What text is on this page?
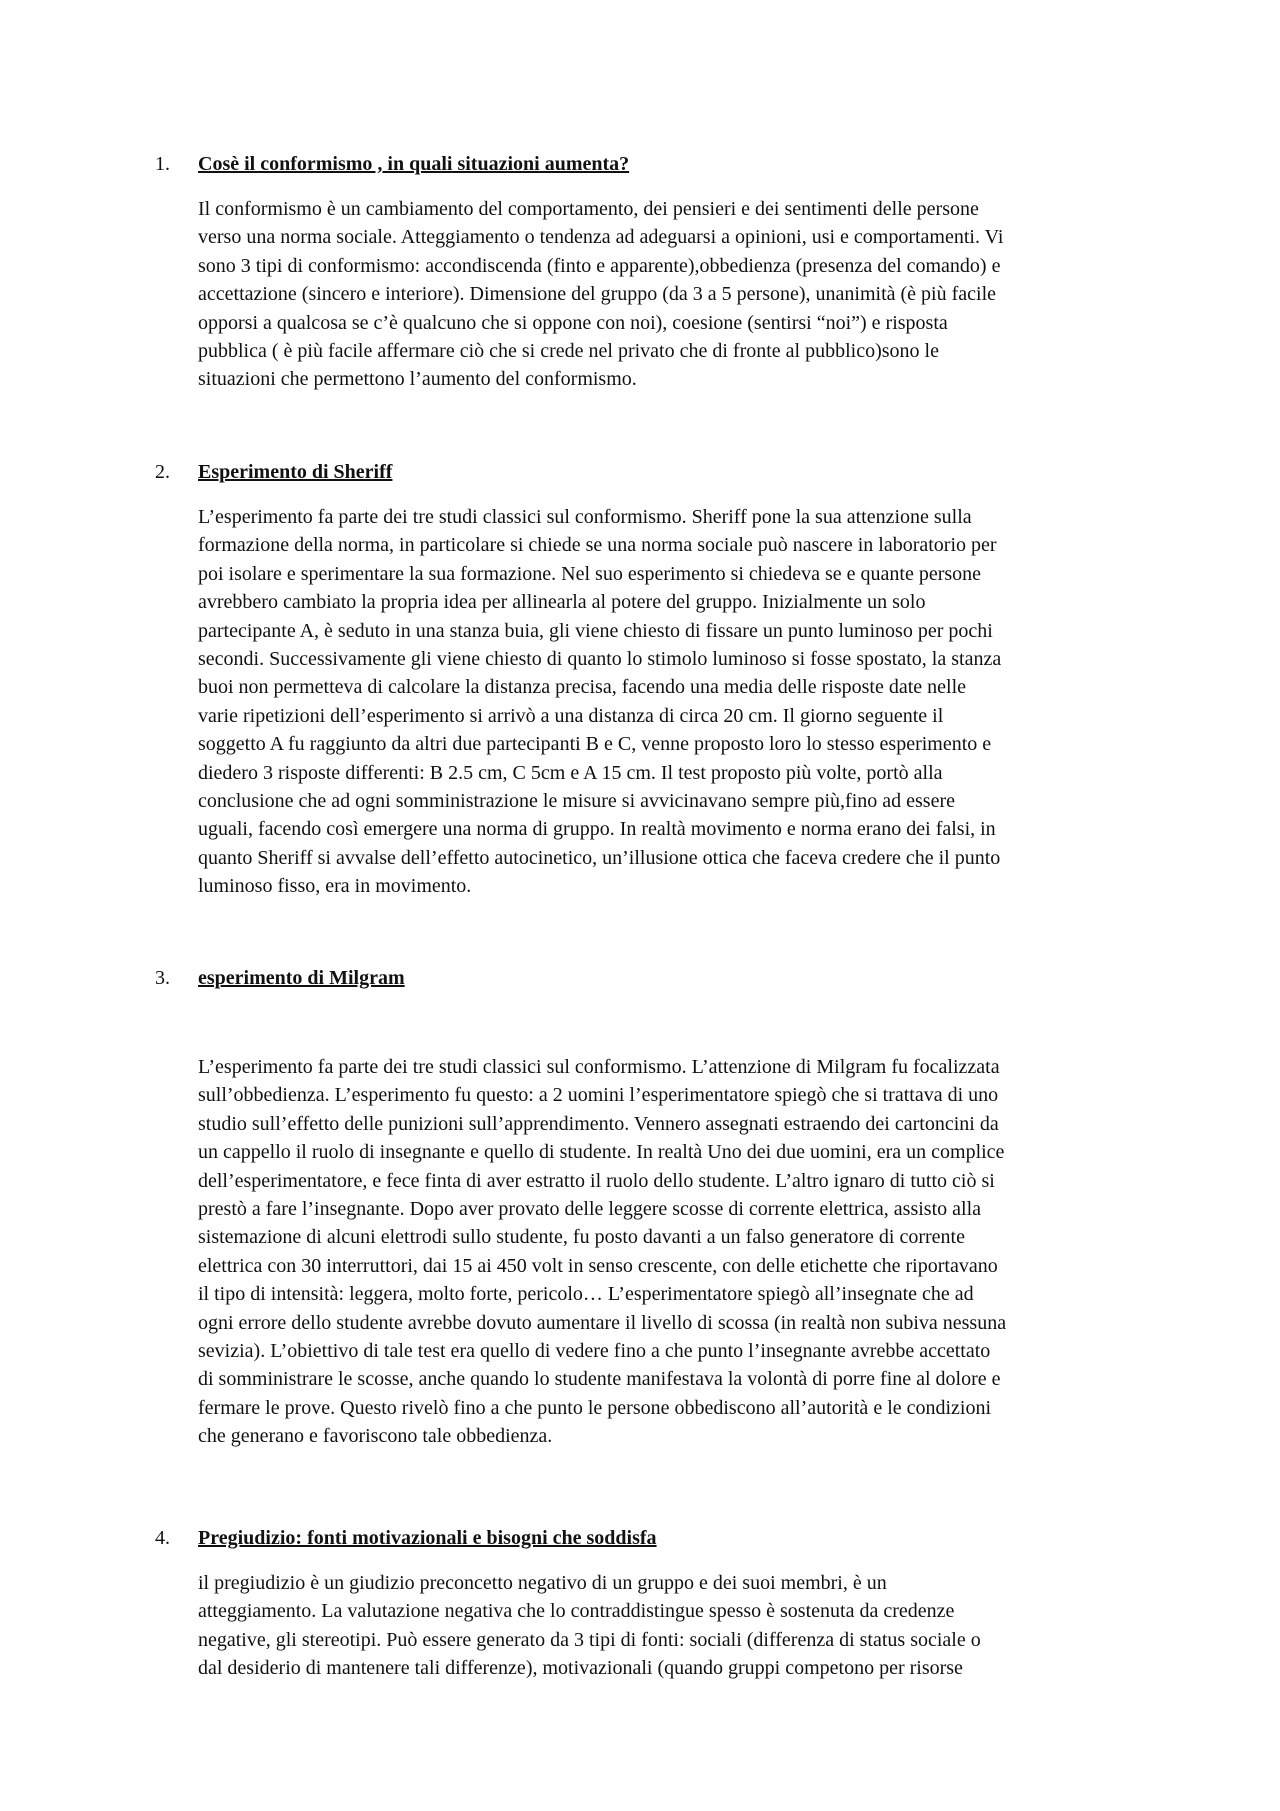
1. Cosè il conformismo , in quali situazioni aumenta?
Il conformismo è un cambiamento del comportamento, dei pensieri e dei sentimenti delle persone
verso una norma sociale. Atteggiamento o tendenza ad adeguarsi a opinioni, usi e comportamenti. Vi
sono 3 tipi di conformismo: accondiscenda (finto e apparente),obbedienza (presenza del comando) e
accettazione (sincero e interiore). Dimensione del gruppo (da 3 a 5 persone), unanimità (è più facile
opporsi a qualcosa se c’è qualcuno che si oppone con noi), coesione (sentirsi “noi”) e risposta
pubblica ( è più facile affermare ciò che si crede nel privato che di fronte al pubblico)sono le
situazioni che permettono l’aumento del conformismo.
2. Esperimento di Sheriff
L’esperimento fa parte dei tre studi classici sul conformismo. Sheriff pone la sua attenzione sulla
formazione della norma, in particolare si chiede se una norma sociale può nascere in laboratorio per
poi isolare e sperimentare la sua formazione. Nel suo esperimento si chiedeva se e quante persone
avrebbero cambiato la propria idea per allinearla al potere del gruppo. Inizialmente un solo
partecipante A, è seduto in una stanza buia, gli viene chiesto di fissare un punto luminoso per pochi
secondi. Successivamente gli viene chiesto di quanto lo stimolo luminoso si fosse spostato, la stanza
buoi non permetteva di calcolare la distanza precisa, facendo una media delle risposte date nelle
varie ripetizioni dell’esperimento si arrivò a una distanza di circa 20 cm. Il giorno seguente il
soggetto A fu raggiunto da altri due partecipanti B e C, venne proposto loro lo stesso esperimento e
diedero 3 risposte differenti: B 2.5 cm, C 5cm e A 15 cm. Il test proposto più volte, portò alla
conclusione che ad ogni somministrazione le misure si avvicinavano sempre più,fino ad essere
uguali, facendo così emergere una norma di gruppo. In realtà movimento e norma erano dei falsi, in
quanto Sheriff si avvalse dell’effetto autocinetico, un’illusione ottica che faceva credere che il punto
luminoso fisso, era in movimento.
3. esperimento di Milgram
L’esperimento fa parte dei tre studi classici sul conformismo. L’attenzione di Milgram fu focalizzata
sull’obbedienza. L’esperimento fu questo: a 2 uomini l’esperimentatore spiegò che si trattava di uno
studio sull’effetto delle punizioni sull’apprendimento. Vennero assegnati estraendo dei cartoncini da
un cappello il ruolo di insegnante e quello di studente. In realtà Uno dei due uomini, era un complice
dell’esperimentatore, e fece finta di aver estratto il ruolo dello studente. L’altro ignaro di tutto ciò si
prestò a fare l’insegnante. Dopo aver provato delle leggere scosse di corrente elettrica, assisto alla
sistemazione di alcuni elettrodi sullo studente, fu posto davanti a un falso generatore di corrente
elettrica con 30 interruttori, dai 15 ai 450 volt in senso crescente, con delle etichette che riportavano
il tipo di intensità: leggera, molto forte, pericolo… L’esperimentatore spiegò all’insegnate che ad
ogni errore dello studente avrebbe dovuto aumentare il livello di scossa (in realtà non subiva nessuna
sevizia). L’obiettivo di tale test era quello di vedere fino a che punto l’insegnante avrebbe accettato
di somministrare le scosse, anche quando lo studente manifestava la volontà di porre fine al dolore e
fermare le prove. Questo rivelò fino a che punto le persone obbediscono all’autorità e le condizioni
che generano e favoriscono tale obbedienza.
4. Pregiudizio: fonti motivazionali e bisogni che soddisfa
il pregiudizio è un giudizio preconcetto negativo di un gruppo e dei suoi membri, è un
atteggiamento. La valutazione negativa che lo contraddistingue spesso è sostenuta da credenze
negative, gli stereotipi. Può essere generato da 3 tipi di fonti: sociali (differenza di status sociale o
dal desiderio di mantenere tali differenze), motivazionali (quando gruppi competono per risorse
